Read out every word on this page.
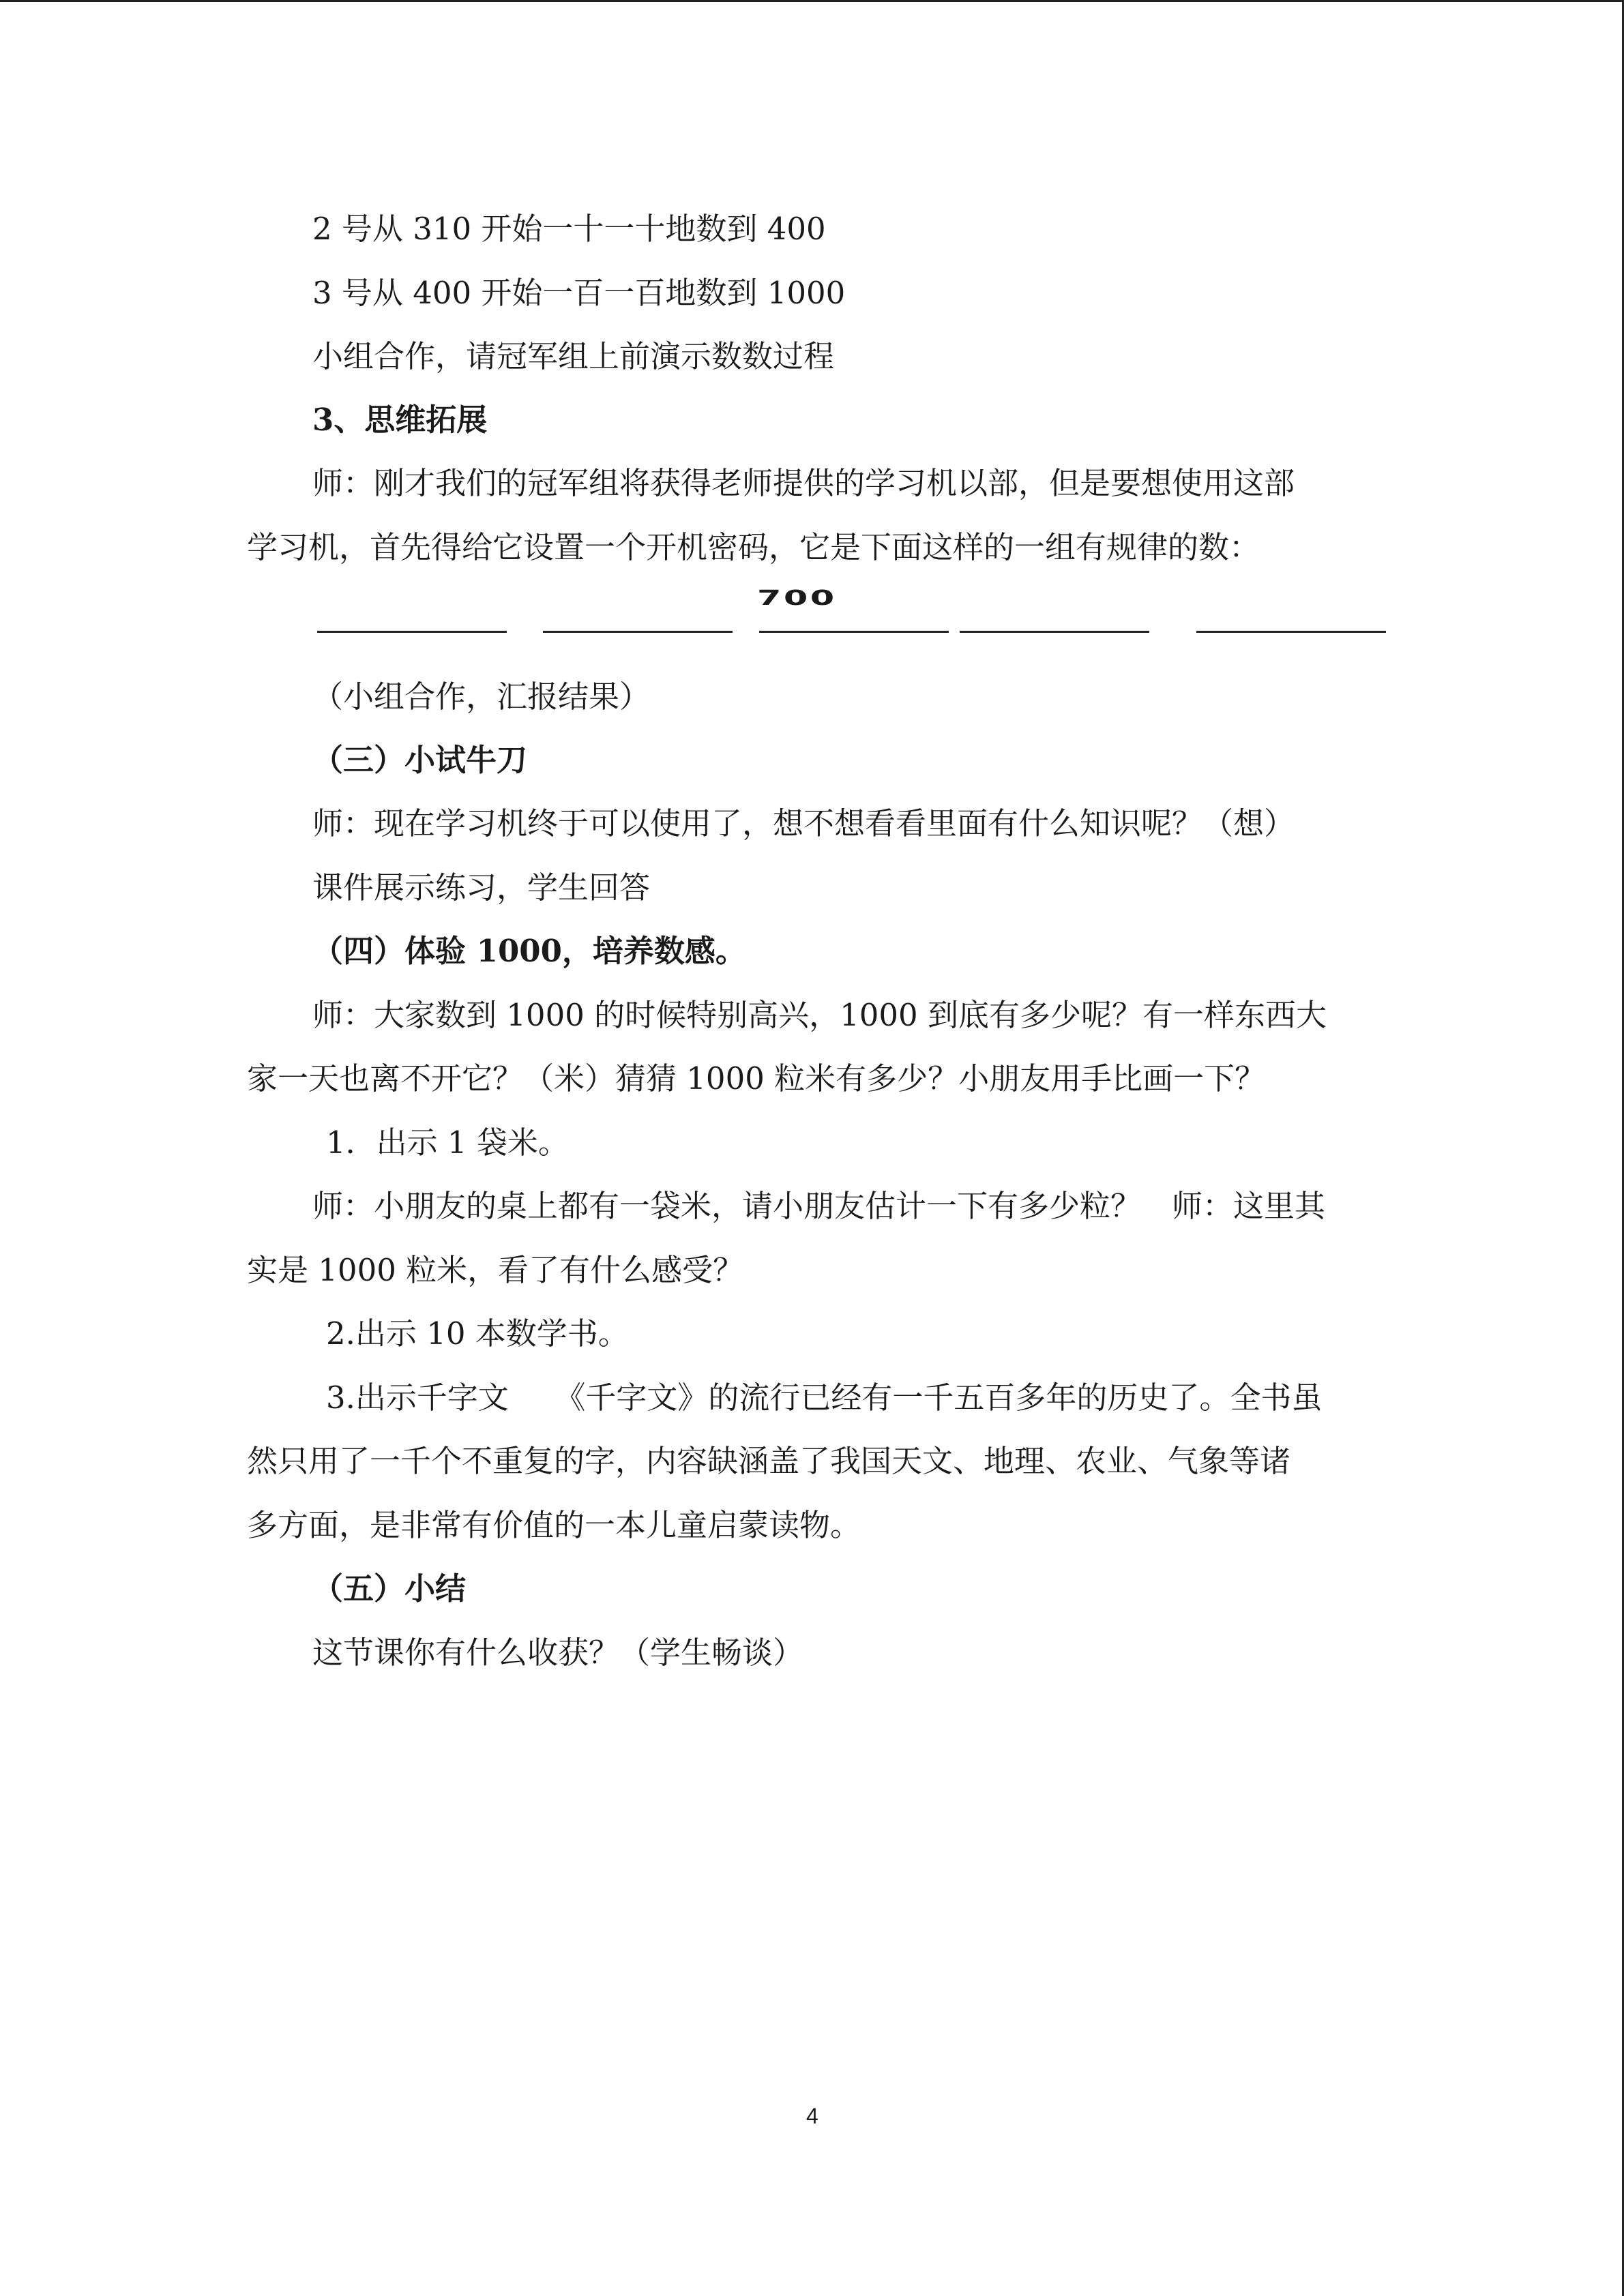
2 号从 310 开始一十一十地数到 400
3 号从 400 开始一百一百地数到 1000
小组合作，请冠军组上前演示数数过程
3、思维拓展
师：刚才我们的冠军组将获得老师提供的学习机以部，但是要想使用这部
学习机，首先得给它设置一个开机密码，它是下面这样的一组有规律的数：
700
（小组合作，汇报结果）
（三）小试牛刀
师：现在学习机终于可以使用了，想不想看看里面有什么知识呢？（想）
课件展示练习，学生回答
（四）体验 1000，培养数感。
师：大家数到 1000 的时候特别高兴，1000 到底有多少呢？有一样东西大
家一天也离不开它？（米）猜猜 1000 粒米有多少？小朋友用手比画一下？
1．出示 1 袋米。
师：小朋友的桌上都有一袋米，请小朋友估计一下有多少粒？　师：这里其
实是 1000 粒米，看了有什么感受？
2.出示 10 本数学书。
3.出示千字文　　《千字文》的流行已经有一千五百多年的历史了。全书虽
然只用了一千个不重复的字，内容缺涵盖了我国天文、地理、农业、气象等诸
多方面，是非常有价值的一本儿童启蒙读物。
（五）小结
这节课你有什么收获？（学生畅谈）
4
